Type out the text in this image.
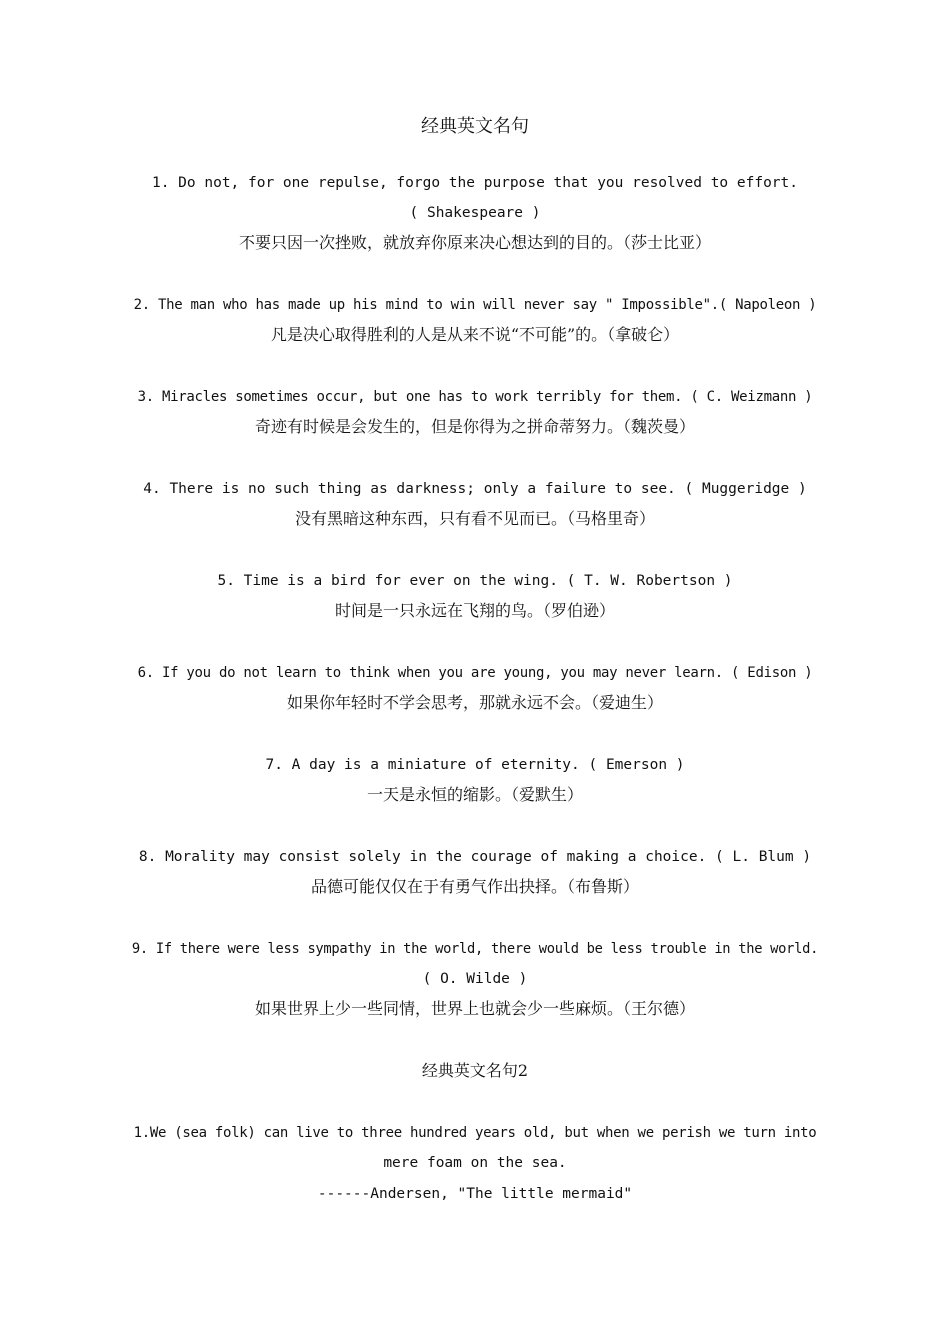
经典英文名句
1. Do not, for one repulse, forgo the purpose that you resolved to effort.
( Shakespeare )
不要只因一次挫败，就放弃你原来决心想达到的目的。（莎士比亚）
2. The man who has made up his mind to win will never say " Impossible".( Napoleon )
凡是决心取得胜利的人是从来不说“不可能”的。（拿破仑）
3. Miracles sometimes occur, but one has to work terribly for them. ( C. Weizmann )
奇迹有时候是会发生的，但是你得为之拼命蒂努力。（魏茨曼）
4. There is no such thing as darkness; only a failure to see. ( Muggeridge )
没有黑暗这种东西，只有看不见而已。（马格里奇）
5. Time is a bird for ever on the wing. ( T. W. Robertson )
时间是一只永远在飞翔的鸟。（罗伯逊）
6. If you do not learn to think when you are young, you may never learn. ( Edison )
如果你年轻时不学会思考，那就永远不会。（爱迪生）
7. A day is a miniature of eternity. ( Emerson )
一天是永恒的缩影。（爱默生）
8. Morality may consist solely in the courage of making a choice. ( L. Blum )
品德可能仅仅在于有勇气作出抉择。（布鲁斯）
9. If there were less sympathy in the world, there would be less trouble in the world.
( O. Wilde )
如果世界上少一些同情，世界上也就会少一些麻烦。（王尔德）
经典英文名句2
1.We (sea folk) can live to three hundred years old, but when we perish we turn into
mere foam on the sea.
------Andersen, "The little mermaid"
